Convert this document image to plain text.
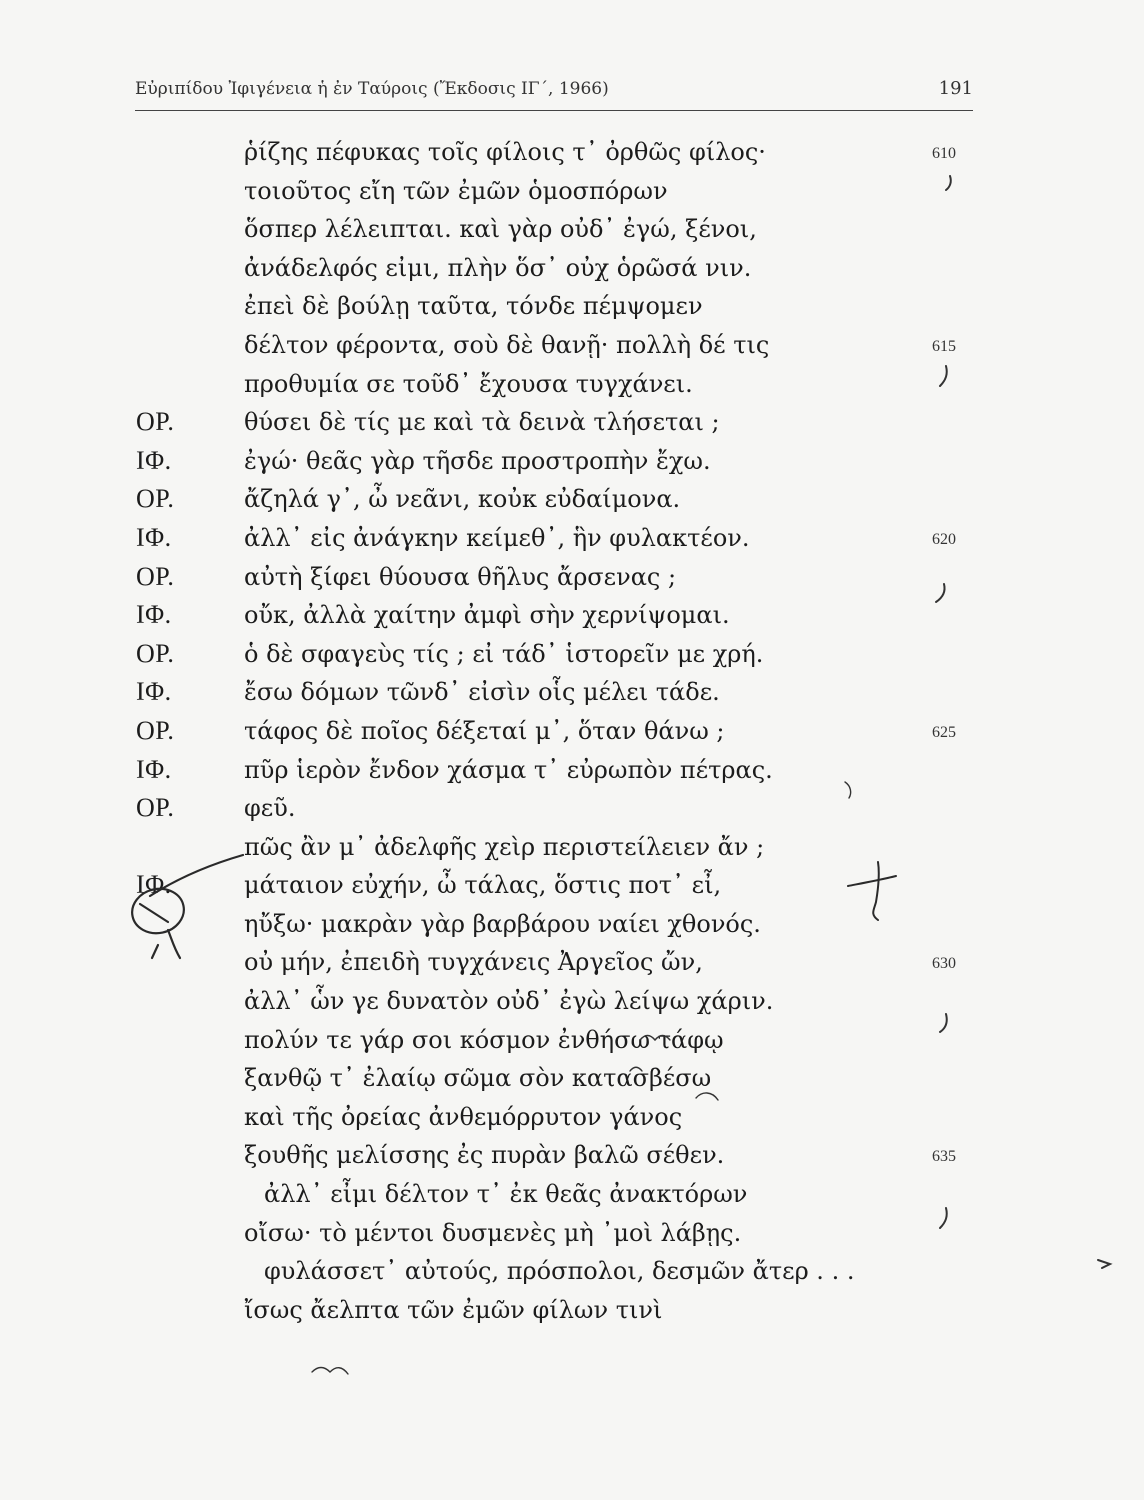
Εὐριπίδου Ἰφιγένεια ἡ ἐν Ταύροις (Ἔκδοσις ΙΓ΄, 1966)	191
ῥίζης πέφυκας τοῖς φίλοις τ᾽ ὀρθῶς φίλος·	610
τοιοῦτος εἴη τῶν ἐμῶν ὁμοσπόρων
ὅσπερ λέλειπται. καὶ γὰρ οὐδ᾽ ἐγώ, ξένοι,
ἀνάδελφός εἰμι, πλὴν ὅσ᾽ οὐχ ὁρῶσά νιν.
ἐπεὶ δὲ βούλῃ ταῦτα, τόνδε πέμψομεν
δέλτον φέροντα, σοὺ δὲ θανῇ· πολλὴ δέ τις	615
προθυμία σε τοῦδ᾽ ἔχουσα τυγχάνει.
ΟΡ.	θύσει δὲ τίς με καὶ τὰ δεινὰ τλήσεται ;
ΙΦ.	ἐγώ· θεᾶς γὰρ τῆσδε προστροπὴν ἔχω.
ΟΡ.	ἄζηλά γ᾽, ὦ νεᾶνι, κοὐκ εὐδαίμονα.
ΙΦ.	ἀλλ᾽ εἰς ἀνάγκην κείμεθ᾽, ἣν φυλακτέον.	620
ΟΡ.	αὐτὴ ξίφει θύουσα θῆλυς ἄρσενας ;
ΙΦ.	οὔκ, ἀλλὰ χαίτην ἀμφὶ σὴν χερνίψομαι.
ΟΡ.	ὁ δὲ σφαγεὺς τίς ; εἰ τάδ᾽ ἱστορεῖν με χρή.
ΙΦ.	ἔσω δόμων τῶνδ᾽ εἰσὶν οἷς μέλει τάδε.
ΟΡ.	τάφος δὲ ποῖος δέξεταί μ᾽, ὅταν θάνω ;	625
ΙΦ.	πῦρ ἱερὸν ἔνδον χάσμα τ᾽ εὐρωπὸν πέτρας.
ΟΡ.	φεῦ.
πῶς ἂν μ᾽ ἀδελφῆς χεὶρ περιστείλειεν ἄν ;
ΙΦ.	μάταιον εὐχήν, ὦ τάλας, ὅστις ποτ᾽ εἶ,
ηὔξω· μακρὰν γὰρ βαρβάρου ναίει χθονός.
οὐ μήν, ἐπειδὴ τυγχάνεις Ἀργεῖος ὤν,	630
ἀλλ᾽ ὧν γε δυνατὸν οὐδ᾽ ἐγὼ λείψω χάριν.
πολύν τε γάρ σοι κόσμον ἐνθήσω τάφῳ
ξανθῷ τ᾽ ἐλαίῳ σῶμα σὸν κατασβέσω
καὶ τῆς ὀρείας ἀνθεμόρρυτον γάνος
ξουθῆς μελίσσης ἐς πυρὰν βαλῶ σέθεν.	635
ἀλλ᾽ εἶμι δέλτον τ᾽ ἐκ θεᾶς ἀνακτόρων
οἴσω· τὸ μέντοι δυσμενὲς μὴ ᾽μοὶ λάβῃς.
φυλάσσετ᾽ αὐτούς, πρόσπολοι, δεσμῶν ἄτερ . . .
ἴσως ἄελπτα τῶν ἐμῶν φίλων τινὶ
